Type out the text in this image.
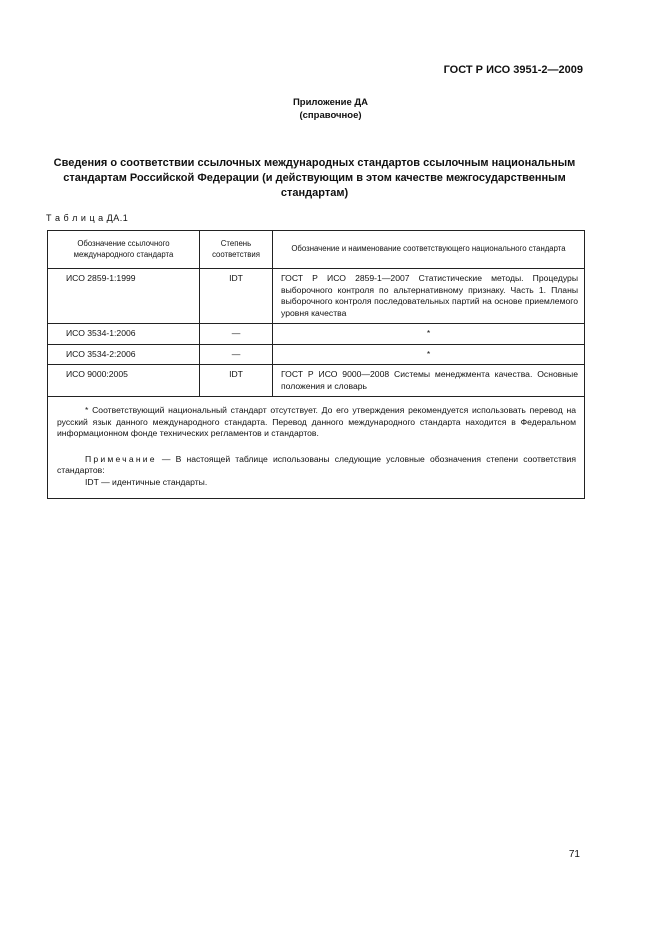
ГОСТ Р ИСО 3951-2—2009
Приложение ДА
(справочное)
Сведения о соответствии ссылочных международных стандартов ссылочным национальным стандартам Российской Федерации (и действующим в этом качестве межгосударственным стандартам)
Т а б л и ц а ДА.1
Обозначение ссылочного международного стандарта	Степень соответствия	Обозначение и наименование соответствующего национального стандарта
ИСО 2859-1:1999	IDT	ГОСТ Р ИСО 2859-1—2007 Статистические методы. Процедуры выборочного контроля по альтернативному признаку. Часть 1. Планы выборочного контроля последовательных партий на основе приемлемого уровня качества
ИСО 3534-1:2006	—	*
ИСО 3534-2:2006	—	*
ИСО 9000:2005	IDT	ГОСТ Р ИСО 9000—2008 Системы менеджмента качества. Основные положения и словарь

* Соответствующий национальный стандарт отсутствует. До его утверждения рекомендуется использовать перевод на русский язык данного международного стандарта. Перевод данного международного стандарта находится в Федеральном информационном фонде технических регламентов и стандартов.

Примечание — В настоящей таблице использованы следующие условные обозначения степени соответствия стандартов:

IDT — идентичные стандарты.		

71
